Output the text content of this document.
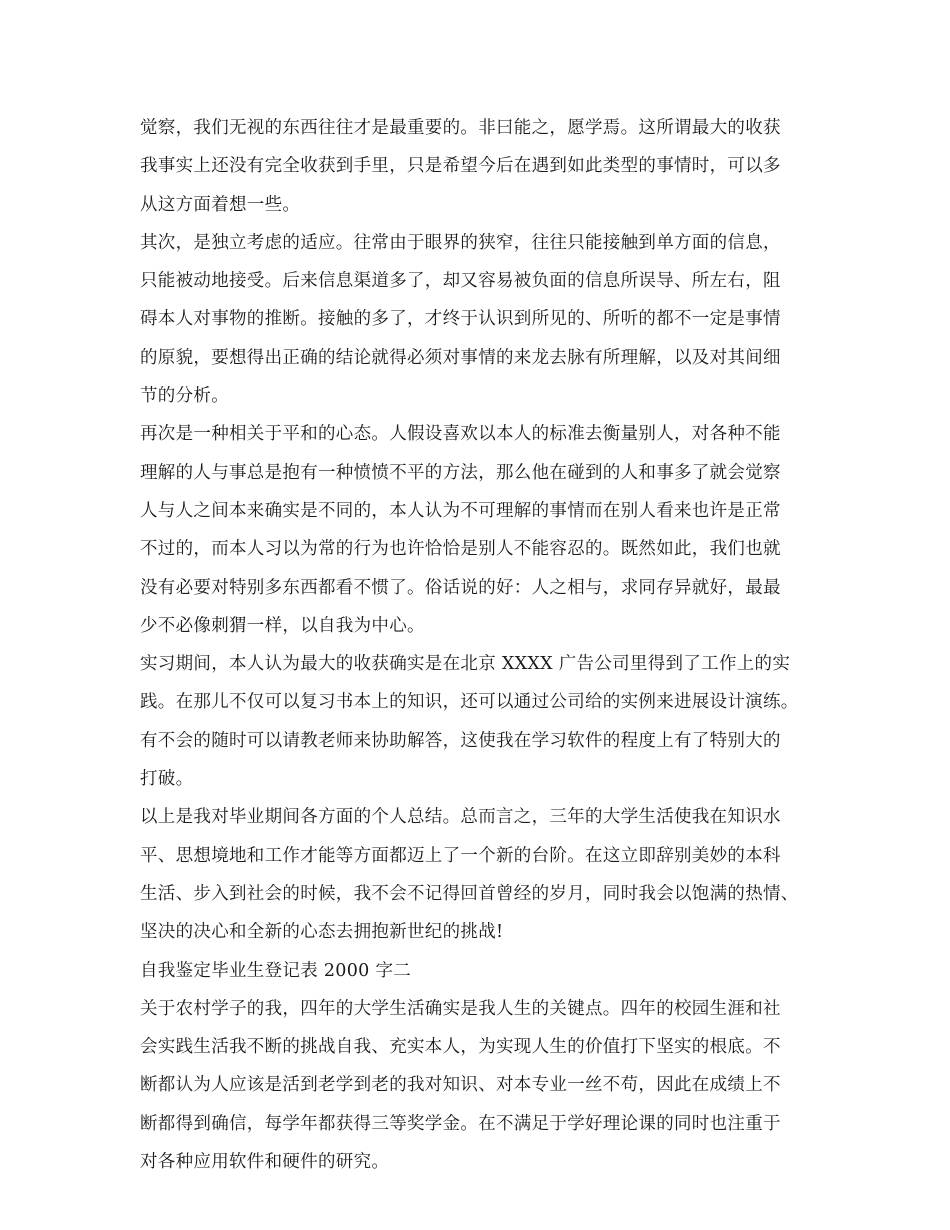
觉察，我们无视的东西往往才是最重要的。非曰能之，愿学焉。这所谓最大的收获
我事实上还没有完全收获到手里，只是希望今后在遇到如此类型的事情时，可以多
从这方面着想一些。
其次，是独立考虑的适应。往常由于眼界的狭窄，往往只能接触到单方面的信息，
只能被动地接受。后来信息渠道多了，却又容易被负面的信息所误导、所左右，阻
碍本人对事物的推断。接触的多了，才终于认识到所见的、所听的都不一定是事情
的原貌，要想得出正确的结论就得必须对事情的来龙去脉有所理解，以及对其间细
节的分析。
再次是一种相关于平和的心态。人假设喜欢以本人的标准去衡量别人，对各种不能
理解的人与事总是抱有一种愤愤不平的方法，那么他在碰到的人和事多了就会觉察
人与人之间本来确实是不同的，本人认为不可理解的事情而在别人看来也许是正常
不过的，而本人习以为常的行为也许恰恰是别人不能容忍的。既然如此，我们也就
没有必要对特别多东西都看不惯了。俗话说的好：人之相与，求同存异就好，最最
少不必像刺猬一样，以自我为中心。
实习期间，本人认为最大的收获确实是在北京 XXXX 广告公司里得到了工作上的实
践。在那儿不仅可以复习书本上的知识，还可以通过公司给的实例来进展设计演练。
有不会的随时可以请教老师来协助解答，这使我在学习软件的程度上有了特别大的
打破。
以上是我对毕业期间各方面的个人总结。总而言之，三年的大学生活使我在知识水
平、思想境地和工作才能等方面都迈上了一个新的台阶。在这立即辞别美妙的本科
生活、步入到社会的时候，我不会不记得回首曾经的岁月，同时我会以饱满的热情、
坚决的决心和全新的心态去拥抱新世纪的挑战!
自我鉴定毕业生登记表 2000 字二
关于农村学子的我，四年的大学生活确实是我人生的关键点。四年的校园生涯和社
会实践生活我不断的挑战自我、充实本人，为实现人生的价值打下坚实的根底。不
断都认为人应该是活到老学到老的我对知识、对本专业一丝不苟，因此在成绩上不
断都得到确信，每学年都获得三等奖学金。在不满足于学好理论课的同时也注重于
对各种应用软件和硬件的研究。
